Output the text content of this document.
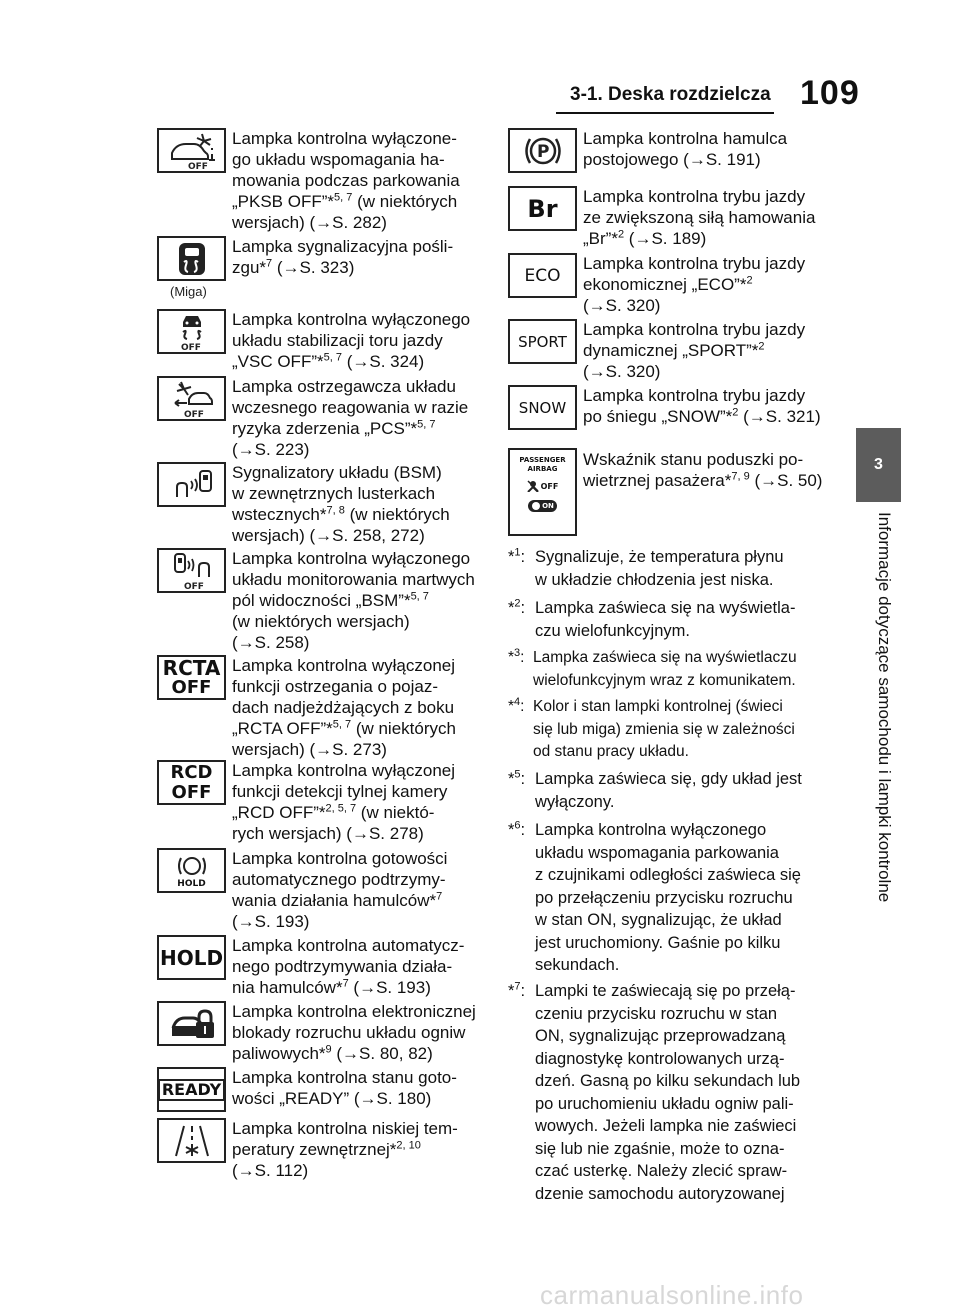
3-1. Deska rozdzielcza 109
3
Informacje dotyczące samochodu i lampki kontrolne
OFF

Lampka kontrolna wyłączone-

go układu wspomagania ha-

mowania podczas parkowania

„PKSB OFF”*$^{5, 7}$ (w niektórych

wersjach) (→S. 282)

(Miga)

Lampka sygnalizacyjna pośli-

zgu*$^7$ (→S. 323)

OFF

Lampka kontrolna wyłączonego

układu stabilizacji toru jazdy

„VSC OFF”*$^{5, 7}$ (→S. 324)

OFF

Lampka ostrzegawcza układu

wczesnego reagowania w razie

ryzyka zderzenia „PCS”*$^{5, 7}$

(→S. 223)

Sygnalizatory układu (BSM)

w zewnętrznych lusterkach

wstecznych*$^{7, 8}$ (w niektórych

wersjach) (→S. 258, 272)

OFF

Lampka kontrolna wyłączonego

układu monitorowania martwych

pól widoczności „BSM”*$^{5, 7}$

(w niektórych wersjach)

(→S. 258)

RCTA
OFF

Lampka kontrolna wyłączonej

funkcji ostrzegania o pojaz-

dach nadjeżdżających z boku

„RCTA OFF”*$^{5, 7}$ (w niektórych

wersjach) (→S. 273)

RCD
OFF

Lampka kontrolna wyłączonej

funkcji detekcji tylnej kamery

„RCD OFF”*$^{2, 5, 7}$ (w niektó-

rych wersjach) (→S. 278)

HOLD

Lampka kontrolna gotowości

automatycznego podtrzymy-

wania działania hamulców*$^7$

(→S. 193)

HOLD Lampka kontrolna automatycz-

nego podtrzymywania działa-

nia hamulców*$^7$ (→S. 193)

Lampka kontrolna elektronicznej

blokady rozruchu układu ogniw

paliwowych*$^9$ (→S. 80, 82)

READY

Lampka kontrolna stanu goto-

wości „READY” (→S. 180)

Lampka kontrolna niskiej tem-

peratury zewnętrznej*$^{2, 10}$

(→S. 112)

P

Lampka kontrolna hamulca

postojowego (→S. 191)

Br Lampka kontrolna trybu jazdy

ze zwiększoną siłą hamowania

„Br”*$^2$ (→S. 189)

ECO

Lampka kontrolna trybu jazdy

ekonomicznej „ECO”*$^2$

(→S. 320)

SPORT

Lampka kontrolna trybu jazdy

dynamicznej „SPORT”*$^2$

(→S. 320)

SNOW

Lampka kontrolna trybu jazdy

po śniegu „SNOW”*$^2$ (→S. 321)

PASSENGER
AIRBAG
OFF
ON

Wskaźnik stanu poduszki po-

wietrznej pasażera*$^{7, 9}$ (→S. 50)

*$^1$: Sygnalizuje, że temperatura płynu
w układzie chłodzenia jest niska.
*$^2$: Lampka zaświeca się na wyświetla-
czu wielofunkcyjnym.
*$^3$: Lampka zaświeca się na wyświetlaczu
wielofunkcyjnym wraz z komunikatem.
*$^4$: Kolor i stan lampki kontrolnej (świeci
się lub miga) zmienia się w zależności
od stanu pracy układu.
*$^5$: Lampka zaświeca się, gdy układ jest
wyłączony.
*$^6$: Lampka kontrolna wyłączonego
układu wspomagania parkowania
z czujnikami odległości zaświeca się
po przełączeniu przycisku rozruchu
w stan ON, sygnalizując, że układ
jest uruchomiony. Gaśnie po kilku
sekundach.
*$^7$: Lampki te zaświecają się po przełą-
czeniu przycisku rozruchu w stan
ON, sygnalizując przeprowadzaną
diagnostykę kontrolowanych urzą-
dzeń. Gasną po kilku sekundach lub
po uruchomieniu układu ogniw pali-
wowych. Jeżeli lampka nie zaświeci
się lub nie zgaśnie, może to ozna-
czać usterkę. Należy zlecić spraw-
dzenie samochodu autoryzowanej
carmanualsonline.info
